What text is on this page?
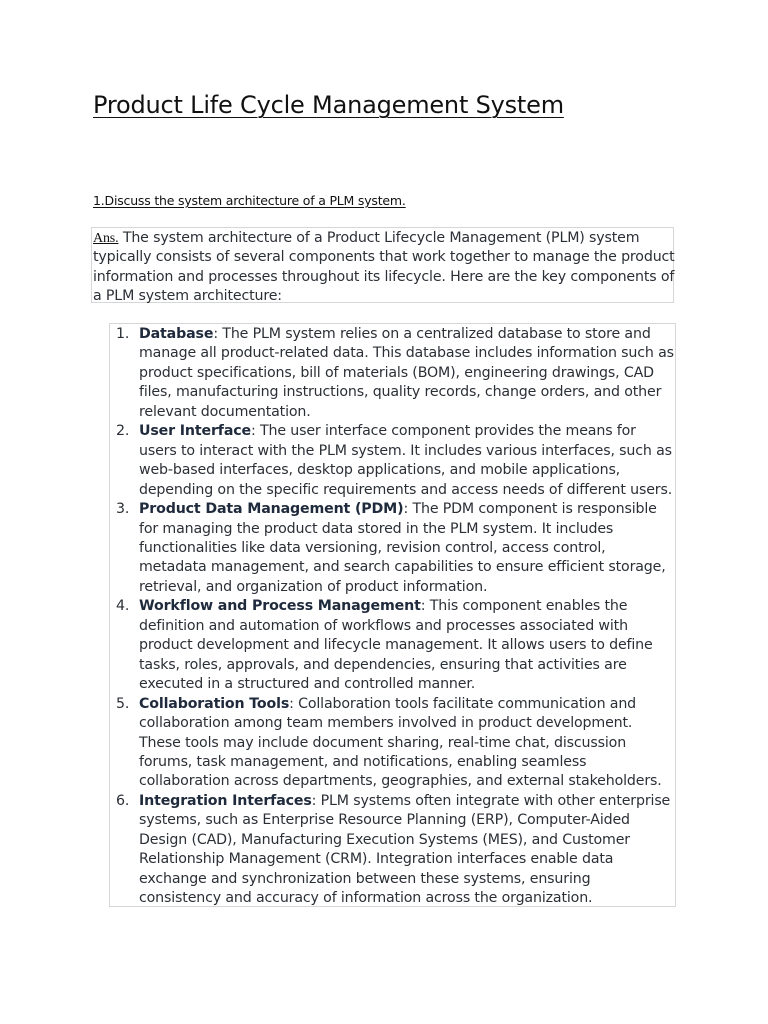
Product Life Cycle Management System

1.Discuss the system architecture of a PLM system.

Ans. The system architecture of a Product Lifecycle Management (PLM) system typically consists of several components that work together to manage the product information and processes throughout its lifecycle. Here are the key components of a PLM system architecture:

1. Database: The PLM system relies on a centralized database to store and manage all product-related data. This database includes information such as product specifications, bill of materials (BOM), engineering drawings, CAD files, manufacturing instructions, quality records, change orders, and other relevant documentation.
2. User Interface: The user interface component provides the means for users to interact with the PLM system. It includes various interfaces, such as web-based interfaces, desktop applications, and mobile applications, depending on the specific requirements and access needs of different users.
3. Product Data Management (PDM): The PDM component is responsible for managing the product data stored in the PLM system. It includes functionalities like data versioning, revision control, access control, metadata management, and search capabilities to ensure efficient storage, retrieval, and organization of product information.
4. Workflow and Process Management: This component enables the definition and automation of workflows and processes associated with product development and lifecycle management. It allows users to define tasks, roles, approvals, and dependencies, ensuring that activities are executed in a structured and controlled manner.
5. Collaboration Tools: Collaboration tools facilitate communication and collaboration among team members involved in product development. These tools may include document sharing, real-time chat, discussion forums, task management, and notifications, enabling seamless collaboration across departments, geographies, and external stakeholders.
6. Integration Interfaces: PLM systems often integrate with other enterprise systems, such as Enterprise Resource Planning (ERP), Computer-Aided Design (CAD), Manufacturing Execution Systems (MES), and Customer Relationship Management (CRM). Integration interfaces enable data exchange and synchronization between these systems, ensuring consistency and accuracy of information across the organization.
